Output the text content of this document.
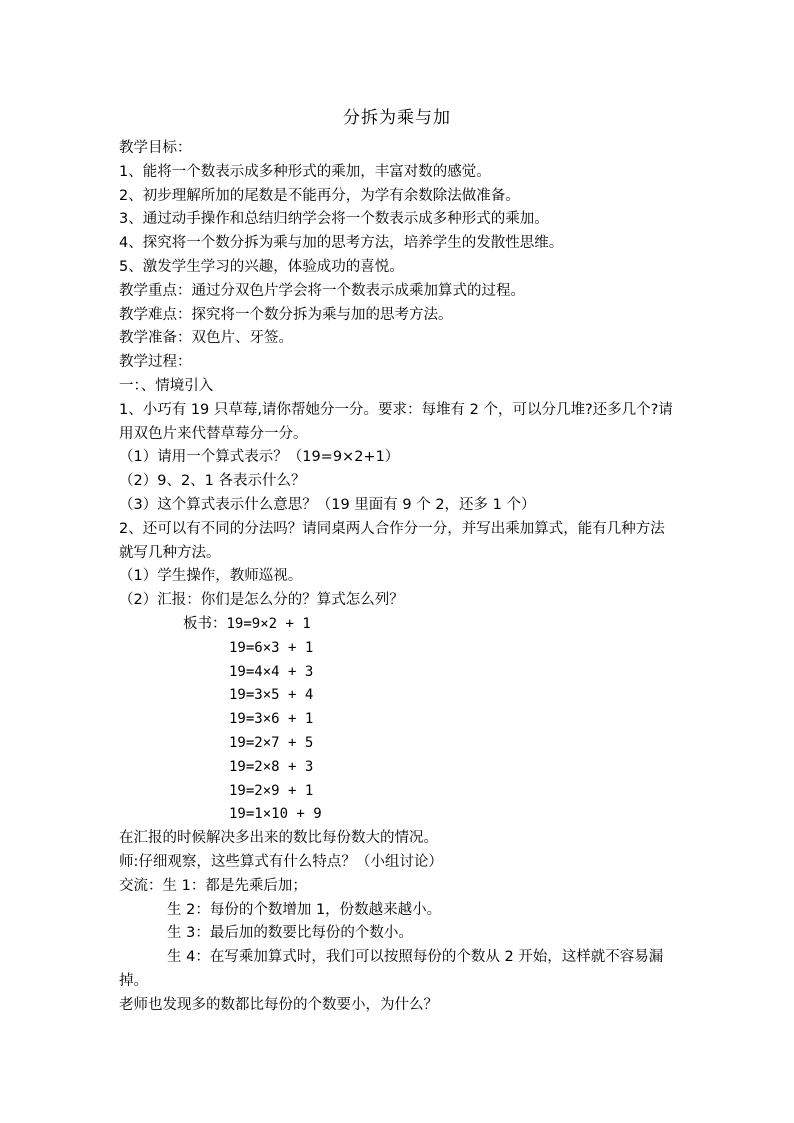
分拆为乘与加
教学目标：
1、能将一个数表示成多种形式的乘加，丰富对数的感觉。
2、初步理解所加的尾数是不能再分，为学有余数除法做准备。
3、通过动手操作和总结归纳学会将一个数表示成多种形式的乘加。
4、探究将一个数分拆为乘与加的思考方法，培养学生的发散性思维。
5、激发学生学习的兴趣，体验成功的喜悦。
教学重点：通过分双色片学会将一个数表示成乘加算式的过程。
教学难点：探究将一个数分拆为乘与加的思考方法。
教学准备：双色片、牙签。
教学过程：
一：、情境引入
1、小巧有 19 只草莓,请你帮她分一分。要求：每堆有 2 个，可以分几堆?还多几个?请用双色片来代替草莓分一分。
（1）请用一个算式表示？（19=9×2+1）
（2）9、2、1 各表示什么？
（3）这个算式表示什么意思？（19 里面有 9 个 2，还多 1 个）
2、还可以有不同的分法吗？请同桌两人合作分一分，并写出乘加算式，能有几种方法就写几种方法。
（1）学生操作，教师巡视。
（2）汇报：你们是怎么分的？算式怎么列？
板书：19=9×2 + 1
19=6×3 + 1
19=4×4 + 3
19=3×5 + 4
19=3×6 + 1
19=2×7 + 5
19=2×8 + 3
19=2×9 + 1
19=1×10 + 9
在汇报的时候解决多出来的数比每份数大的情况。
师:仔细观察，这些算式有什么特点？（小组讨论）
交流：生 1：都是先乘后加；
生 2：每份的个数增加 1，份数越来越小。
生 3：最后加的数要比每份的个数小。
生 4：在写乘加算式时，我们可以按照每份的个数从 2 开始，这样就不容易漏掉。
老师也发现多的数都比每份的个数要小，为什么？
